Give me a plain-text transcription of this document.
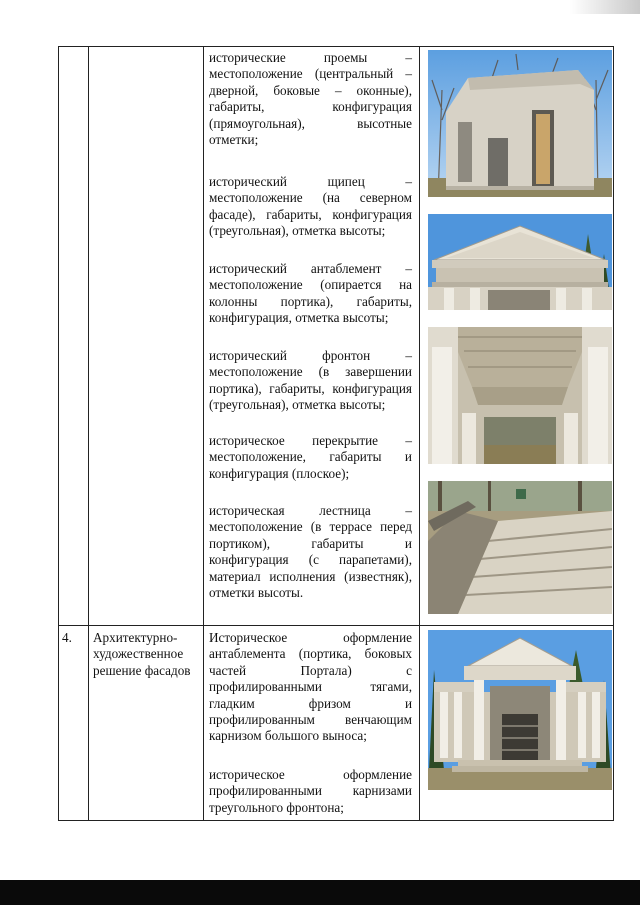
исторические проемы – местоположение (центральный – дверной, боковые – оконные), габариты, конфигурация (прямоугольная), высотные отметки;
исторический щипец – местоположение (на северном фасаде), габариты, конфигурация (треугольная), отметка высоты;
исторический антаблемент – местоположение (опирается на колонны портика), габариты, конфигурация, отметка высоты;
исторический фронтон – местоположение (в завершении портика), габариты, конфигурация (треугольная), отметка высоты;
историческое перекрытие – местоположение, габариты и конфигурация (плоское);
историческая лестница – местоположение (в террасе перед портиком), габариты и конфигурация (с парапетами), материал исполнения (известняк), отметки высоты.
4. Архитектурно-художественное решение фасадов
Историческое оформление антаблемента (портика, боковых частей Портала) с профилированными тягами, гладким фризом и профилированным венчающим карнизом большого выноса;
историческое оформление профилированными карнизами треугольного фронтона;
